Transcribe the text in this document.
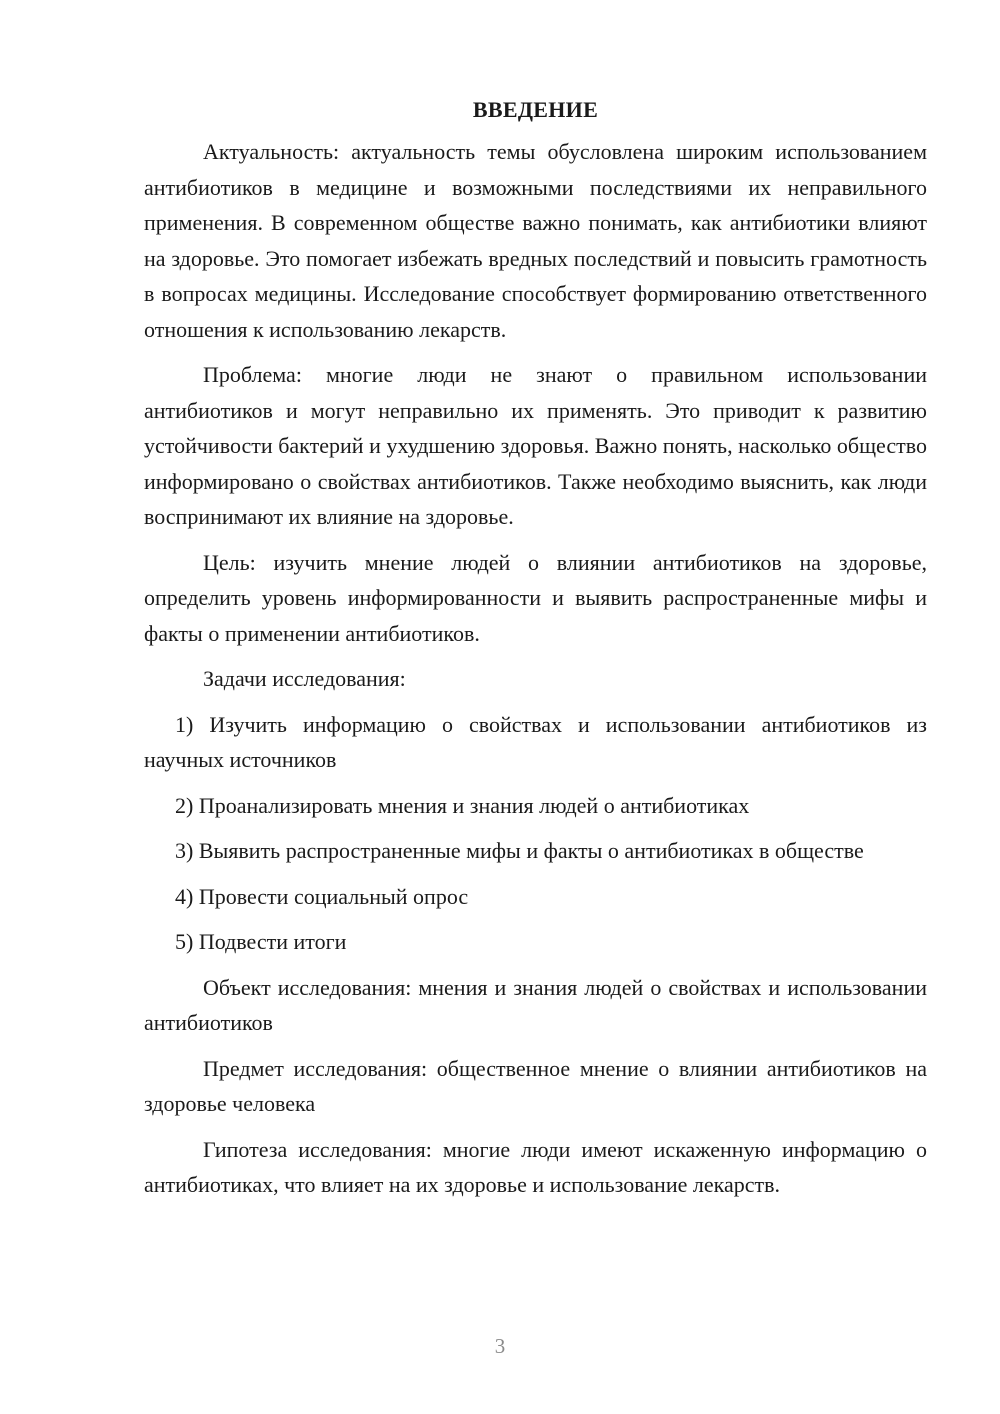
ВВЕДЕНИЕ

Актуальность: актуальность темы обусловлена широким использованием антибиотиков в медицине и возможными последствиями их неправильного применения. В современном обществе важно понимать, как антибиотики влияют на здоровье. Это помогает избежать вредных последствий и повысить грамотность в вопросах медицины. Исследование способствует формированию ответственного отношения к использованию лекарств.

Проблема: многие люди не знают о правильном использовании антибиотиков и могут неправильно их применять. Это приводит к развитию устойчивости бактерий и ухудшению здоровья. Важно понять, насколько общество информировано о свойствах антибиотиков. Также необходимо выяснить, как люди воспринимают их влияние на здоровье.

Цель: изучить мнение людей о влиянии антибиотиков на здоровье, определить уровень информированности и выявить распространенные мифы и факты о применении антибиотиков.

Задачи исследования:

1) Изучить информацию о свойствах и использовании антибиотиков из научных источников

2) Проанализировать мнения и знания людей о антибиотиках

3) Выявить распространенные мифы и факты о антибиотиках в обществе

4) Провести социальный опрос

5) Подвести итоги

Объект исследования: мнения и знания людей о свойствах и использовании антибиотиков

Предмет исследования: общественное мнение о влиянии антибиотиков на здоровье человека

Гипотеза исследования: многие люди имеют искаженную информацию о антибиотиках, что влияет на их здоровье и использование лекарств.

3
